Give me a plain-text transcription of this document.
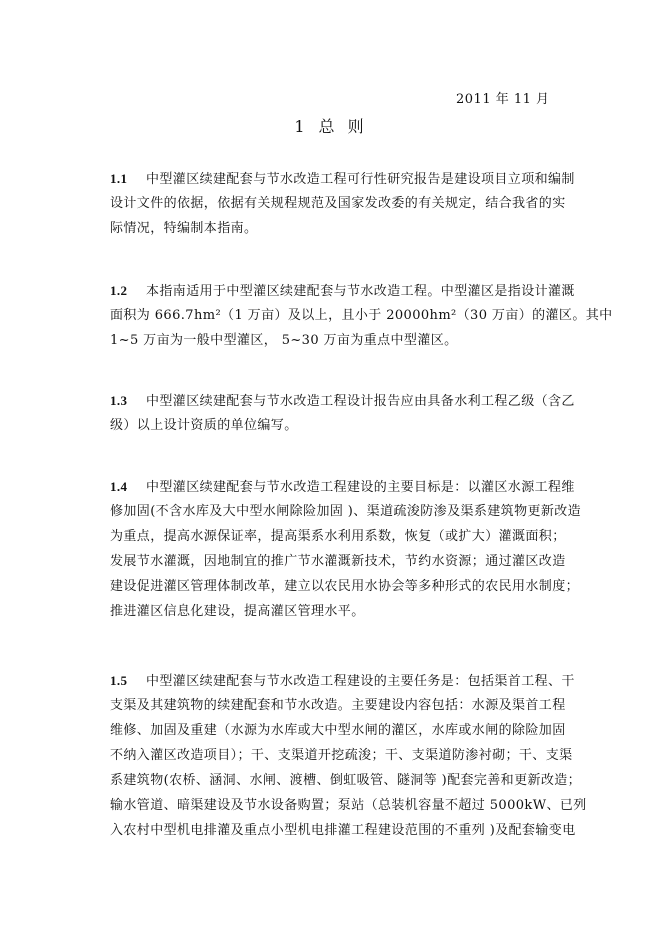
2011 年 11 月
1 总 则
1.1 中型灌区续建配套与节水改造工程可行性研究报告是建设项目立项和编制
设计文件的依据，依据有关规程规范及国家发改委的有关规定，结合我省的实
际情况，特编制本指南。
1.2 本指南适用于中型灌区续建配套与节水改造工程。中型灌区是指设计灌溉
面积为 666.7hm²（1 万亩）及以上，且小于 20000hm²（30 万亩）的灌区。其中
1~5 万亩为一般中型灌区， 5~30 万亩为重点中型灌区。
1.3 中型灌区续建配套与节水改造工程设计报告应由具备水利工程乙级（含乙
级）以上设计资质的单位编写。
1.4 中型灌区续建配套与节水改造工程建设的主要目标是：以灌区水源工程维
修加固(不含水库及大中型水闸除险加固 )、渠道疏浚防渗及渠系建筑物更新改造
为重点，提高水源保证率，提高渠系水利用系数，恢复（或扩大）灌溉面积；
发展节水灌溉，因地制宜的推广节水灌溉新技术，节约水资源；通过灌区改造
建设促进灌区管理体制改革，建立以农民用水协会等多种形式的农民用水制度；
推进灌区信息化建设，提高灌区管理水平。
1.5 中型灌区续建配套与节水改造工程建设的主要任务是：包括渠首工程、干
支渠及其建筑物的续建配套和节水改造。主要建设内容包括：水源及渠首工程
维修、加固及重建（水源为水库或大中型水闸的灌区，水库或水闸的除险加固
不纳入灌区改造项目）；干、支渠道开挖疏浚；干、支渠道防渗衬砌；干、支渠
系建筑物(农桥、涵洞、水闸、渡槽、倒虹吸管、隧洞等 )配套完善和更新改造；
输水管道、暗渠建设及节水设备购置；泵站（总装机容量不超过 5000kW、已列
入农村中型机电排灌及重点小型机电排灌工程建设范围的不重列 )及配套输变电
